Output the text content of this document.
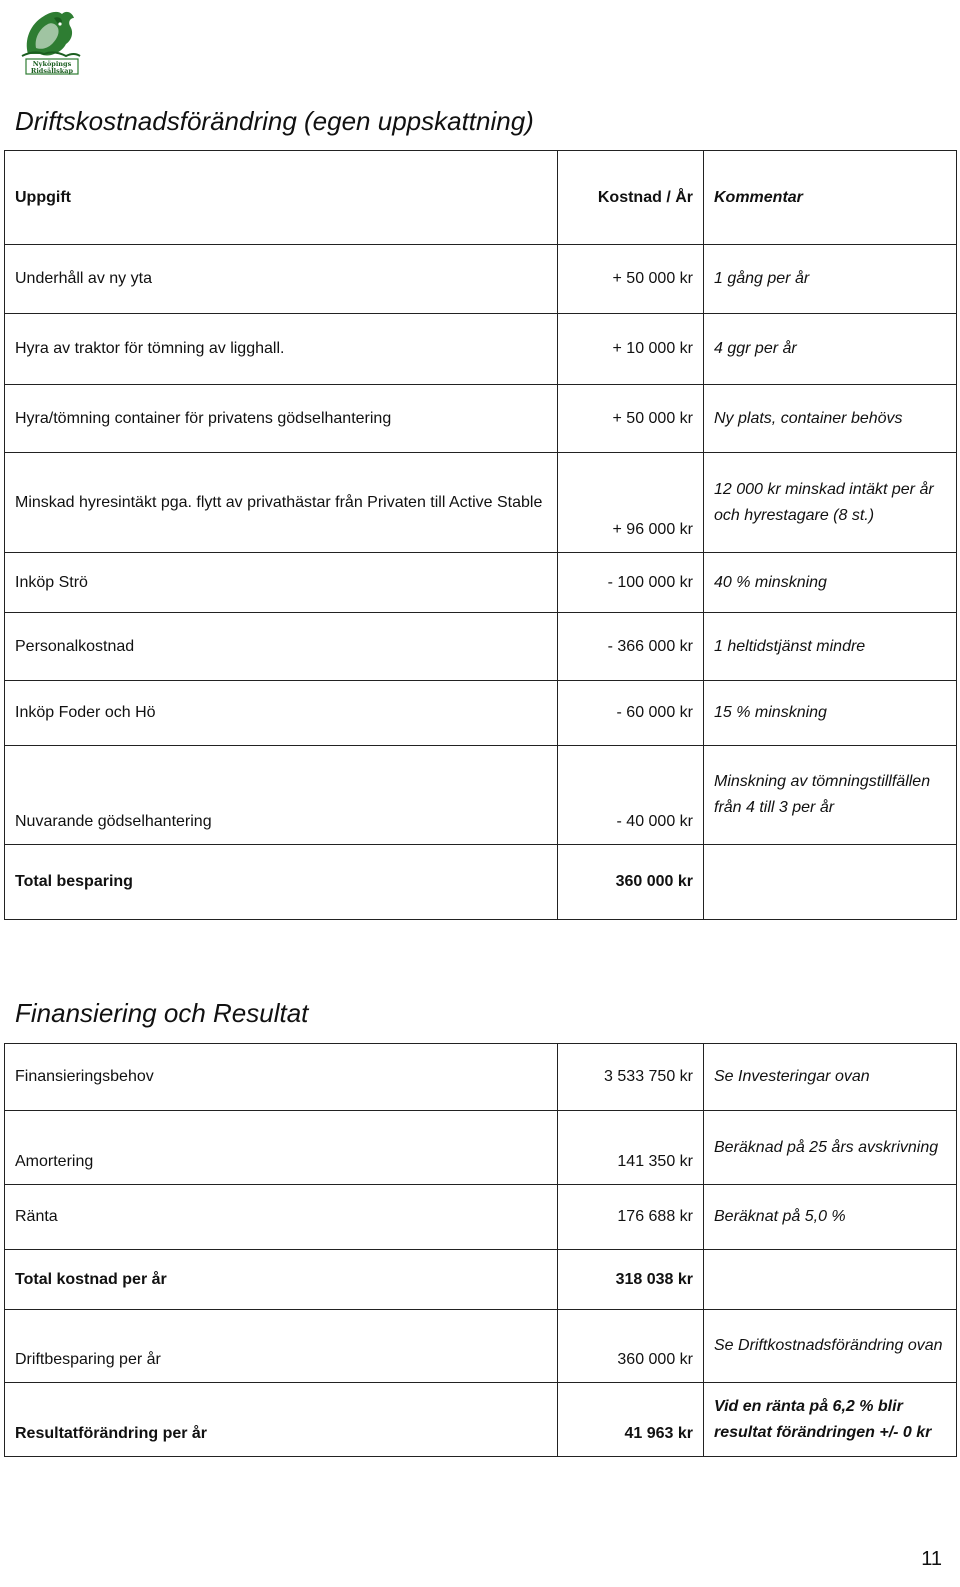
Nyköpings
Ridsällskap
Driftskostnadsförändring (egen uppskattning)
Uppgift	Kostnad / År	Kommentar
Underhåll av ny yta	+ 50 000 kr	1 gång per år
Hyra av traktor för tömning av ligghall.	+ 10 000 kr	4 ggr per år
Hyra/tömning container för privatens gödselhantering	+ 50 000 kr	Ny plats, container behövs
Minskad hyresintäkt pga. flytt av privathästar från Privaten till Active Stable	+ 96 000 kr	12 000 kr minskad intäkt per år och hyrestagare (8 st.)
Inköp Strö	- 100 000 kr	40 % minskning
Personalkostnad	- 366 000 kr	1 heltidstjänst mindre
Inköp Foder och Hö	- 60 000 kr	15 % minskning
Nuvarande gödselhantering	- 40 000 kr	Minskning av tömningstillfällen från 4 till 3 per år
Total besparing	360 000 kr	
Finansiering och Resultat
Finansieringsbehov	3 533 750 kr	Se Investeringar ovan
Amortering	141 350 kr	Beräknad på 25 års avskrivning
Ränta	176 688 kr	Beräknat på 5,0 %
Total kostnad per år	318 038 kr	
Driftbesparing per år	360 000 kr	Se Driftkostnadsförändring ovan
Resultatförändring per år	41 963 kr	Vid en ränta på 6,2 % blir resultat förändringen +/- 0 kr
11
